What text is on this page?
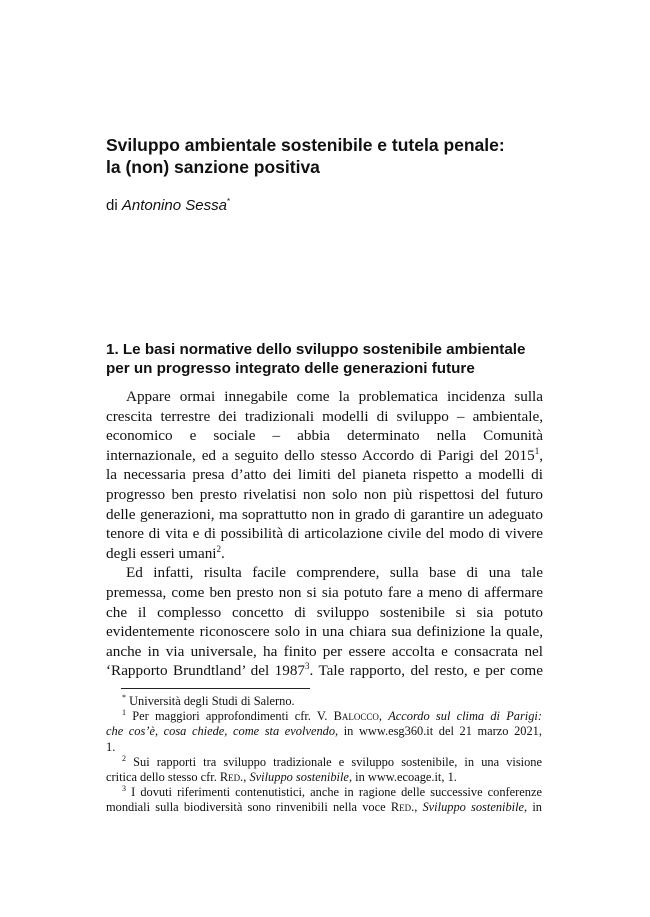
Sviluppo ambientale sostenibile e tutela penale:
la (non) sanzione positiva
di Antonino Sessa*
1. Le basi normative dello sviluppo sostenibile ambientale
per un progresso integrato delle generazioni future
Appare ormai innegabile come la problematica incidenza sulla
crescita terrestre dei tradizionali modelli di sviluppo – ambientale,
economico e sociale – abbia determinato nella Comunità
internazionale, ed a seguito dello stesso Accordo di Parigi del 2015$^1$,
la necessaria presa d’atto dei limiti del pianeta rispetto a modelli di
progresso ben presto rivelatisi non solo non più rispettosi del futuro
delle generazioni, ma soprattutto non in grado di garantire un adeguato
tenore di vita e di possibilità di articolazione civile del modo di vivere
degli esseri umani$^2$.
Ed infatti, risulta facile comprendere, sulla base di una tale
premessa, come ben presto non si sia potuto fare a meno di affermare
che il complesso concetto di sviluppo sostenibile si sia potuto
evidentemente riconoscere solo in una chiara sua definizione la quale,
anche in via universale, ha finito per essere accolta e consacrata nel
‘Rapporto Brundtland’ del 1987$^3$. Tale rapporto, del resto, e per come
* Università degli Studi di Salerno.
$^1$ Per maggiori approfondimenti cfr. V. Balocco, Accordo sul clima di Parigi:
che cos’è, cosa chiede, come sta evolvendo, in www.esg360.it del 21 marzo 2021,
1.
$^2$ Sui rapporti tra sviluppo tradizionale e sviluppo sostenibile, in una visione
critica dello stesso cfr. Red., Sviluppo sostenibile, in www.ecoage.it, 1.
$^3$ I dovuti riferimenti contenutistici, anche in ragione delle successive conferenze
mondiali sulla biodiversità sono rinvenibili nella voce Red., Sviluppo sostenibile, in
